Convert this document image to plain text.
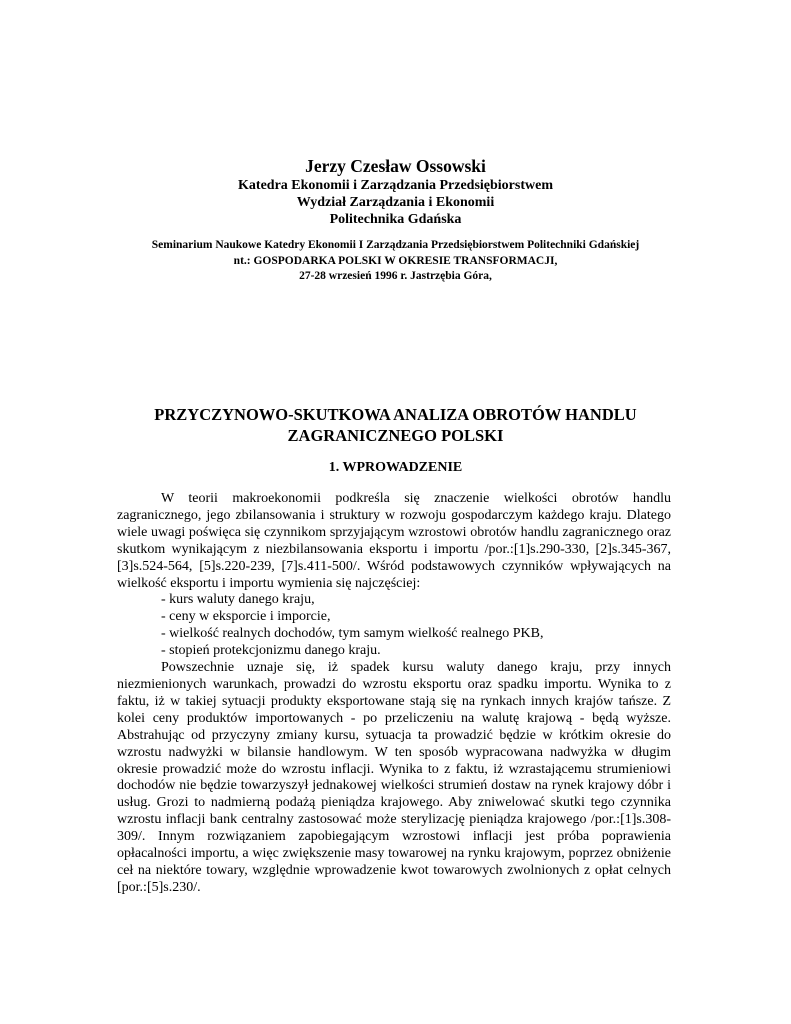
Jerzy Czesław Ossowski
Katedra Ekonomii i Zarządzania Przedsiębiorstwem
Wydział Zarządzania i Ekonomii
Politechnika Gdańska
Seminarium Naukowe Katedry Ekonomii I Zarządzania Przedsiębiorstwem Politechniki Gdańskiej
nt.: GOSPODARKA POLSKI W OKRESIE TRANSFORMACJI,
27-28 wrzesień 1996 r. Jastrzębia Góra,
PRZYCZYNOWO-SKUTKOWA ANALIZA OBROTÓW HANDLU
ZAGRANICZNEGO POLSKI
1. WPROWADZENIE

W teorii makroekonomii podkreśla się znaczenie wielkości obrotów handlu zagranicznego, jego zbilansowania i struktury w rozwoju gospodarczym każdego kraju. Dlatego wiele uwagi poświęca się czynnikom sprzyjającym wzrostowi obrotów handlu zagranicznego oraz skutkom wynikającym z niezbilansowania eksportu i importu /por.:[1]s.290-330, [2]s.345-367, [3]s.524-564, [5]s.220-239, [7]s.411-500/. Wśród podstawowych czynników wpływających na wielkość eksportu i importu wymienia się najczęściej:

- kurs waluty danego kraju,
- ceny w eksporcie i imporcie,
- wielkość realnych dochodów, tym samym wielkość realnego PKB,
- stopień protekcjonizmu danego kraju.

Powszechnie uznaje się, iż spadek kursu waluty danego kraju, przy innych niezmienionych warunkach, prowadzi do wzrostu eksportu oraz spadku importu. Wynika to z faktu, iż w takiej sytuacji produkty eksportowane stają się na rynkach innych krajów tańsze. Z kolei ceny produktów importowanych - po przeliczeniu na walutę krajową - będą wyższe. Abstrahując od przyczyny zmiany kursu, sytuacja ta prowadzić będzie w krótkim okresie do wzrostu nadwyżki w bilansie handlowym. W ten sposób wypracowana nadwyżka w długim okresie prowadzić może do wzrostu inflacji. Wynika to z faktu, iż wzrastającemu strumieniowi dochodów nie będzie towarzyszył jednakowej wielkości strumień dostaw na rynek krajowy dóbr i usług. Grozi to nadmierną podażą pieniądza krajowego. Aby zniwelować skutki tego czynnika wzrostu inflacji bank centralny zastosować może sterylizację pieniądza krajowego /por.:[1]s.308-309/. Innym rozwiązaniem zapobiegającym wzrostowi inflacji jest próba poprawienia opłacalności importu, a więc zwiększenie masy towarowej na rynku krajowym, poprzez obniżenie ceł na niektóre towary, względnie wprowadzenie kwot towarowych zwolnionych z opłat celnych [por.:[5]s.230/.
